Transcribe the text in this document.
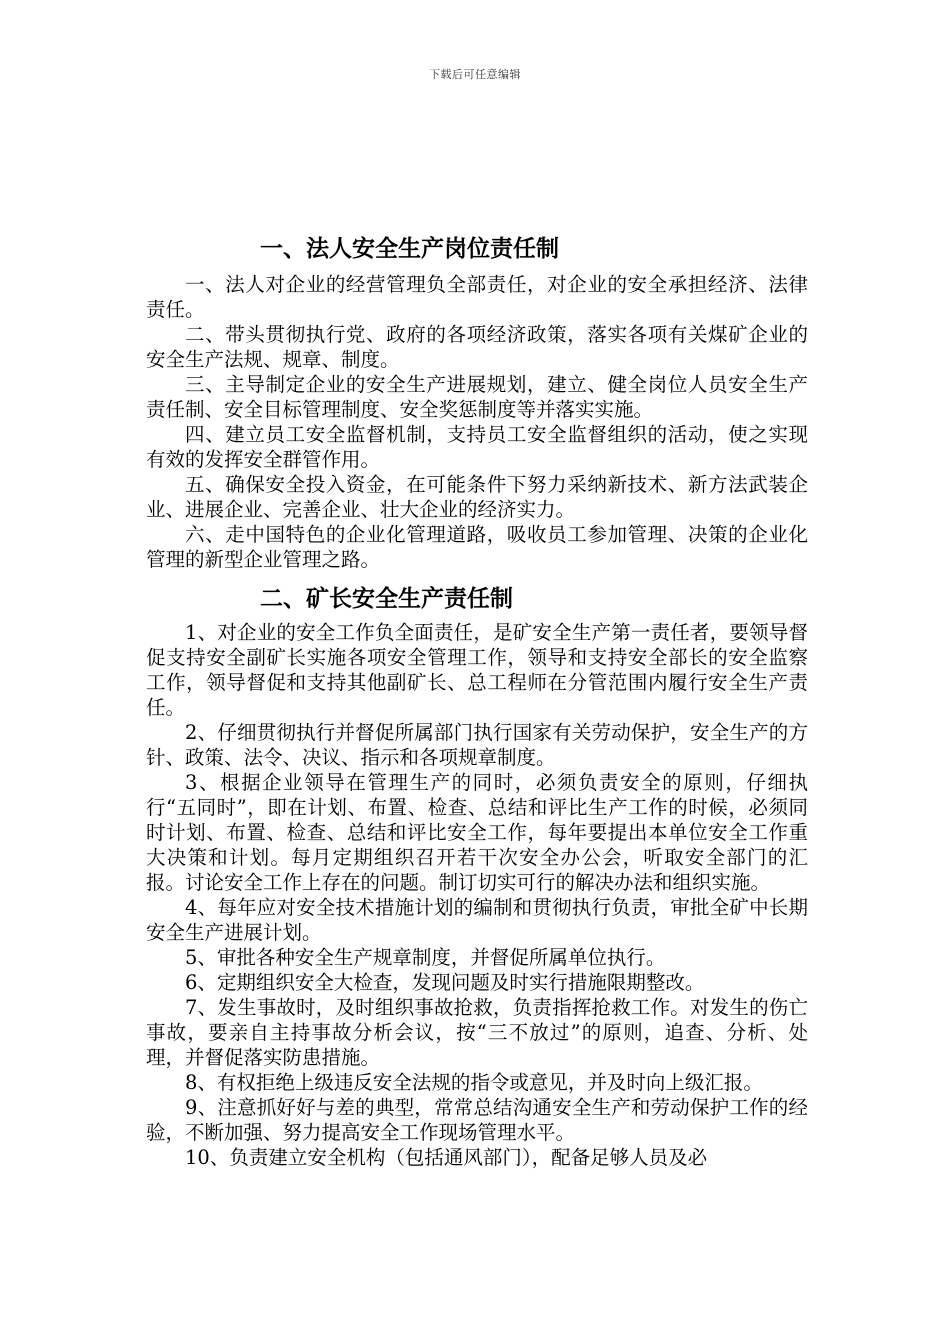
下载后可任意编辑
一、法人安全生产岗位责任制

一、法人对企业的经营管理负全部责任，对企业的安全承担经济、法律责任。

二、带头贯彻执行党、政府的各项经济政策，落实各项有关煤矿企业的安全生产法规、规章、制度。

三、主导制定企业的安全生产进展规划，建立、健全岗位人员安全生产责任制、安全目标管理制度、安全奖惩制度等并落实实施。

四、建立员工安全监督机制，支持员工安全监督组织的活动，使之实现有效的发挥安全群管作用。

五、确保安全投入资金，在可能条件下努力采纳新技术、新方法武装企业、进展企业、完善企业、壮大企业的经济实力。

六、走中国特色的企业化管理道路，吸收员工参加管理、决策的企业化管理的新型企业管理之路。

二、矿长安全生产责任制

1、对企业的安全工作负全面责任，是矿安全生产第一责任者，要领导督促支持安全副矿长实施各项安全管理工作，领导和支持安全部长的安全监察工作，领导督促和支持其他副矿长、总工程师在分管范围内履行安全生产责任。

2、仔细贯彻执行并督促所属部门执行国家有关劳动保护，安全生产的方针、政策、法令、决议、指示和各项规章制度。

3、根据企业领导在管理生产的同时，必须负责安全的原则，仔细执行“五同时”，即在计划、布置、检查、总结和评比生产工作的时候，必须同时计划、布置、检查、总结和评比安全工作，每年要提出本单位安全工作重大决策和计划。每月定期组织召开若干次安全办公会，听取安全部门的汇报。讨论安全工作上存在的问题。制订切实可行的解决办法和组织实施。

4、每年应对安全技术措施计划的编制和贯彻执行负责，审批全矿中长期安全生产进展计划。

5、审批各种安全生产规章制度，并督促所属单位执行。

6、定期组织安全大检查，发现问题及时实行措施限期整改。

7、发生事故时，及时组织事故抢救，负责指挥抢救工作。对发生的伤亡事故，要亲自主持事故分析会议，按“三不放过”的原则，追查、分析、处理，并督促落实防患措施。

8、有权拒绝上级违反安全法规的指令或意见，并及时向上级汇报。

9、注意抓好好与差的典型，常常总结沟通安全生产和劳动保护工作的经验，不断加强、努力提高安全工作现场管理水平。

10、负责建立安全机构（包括通风部门），配备足够人员及必
